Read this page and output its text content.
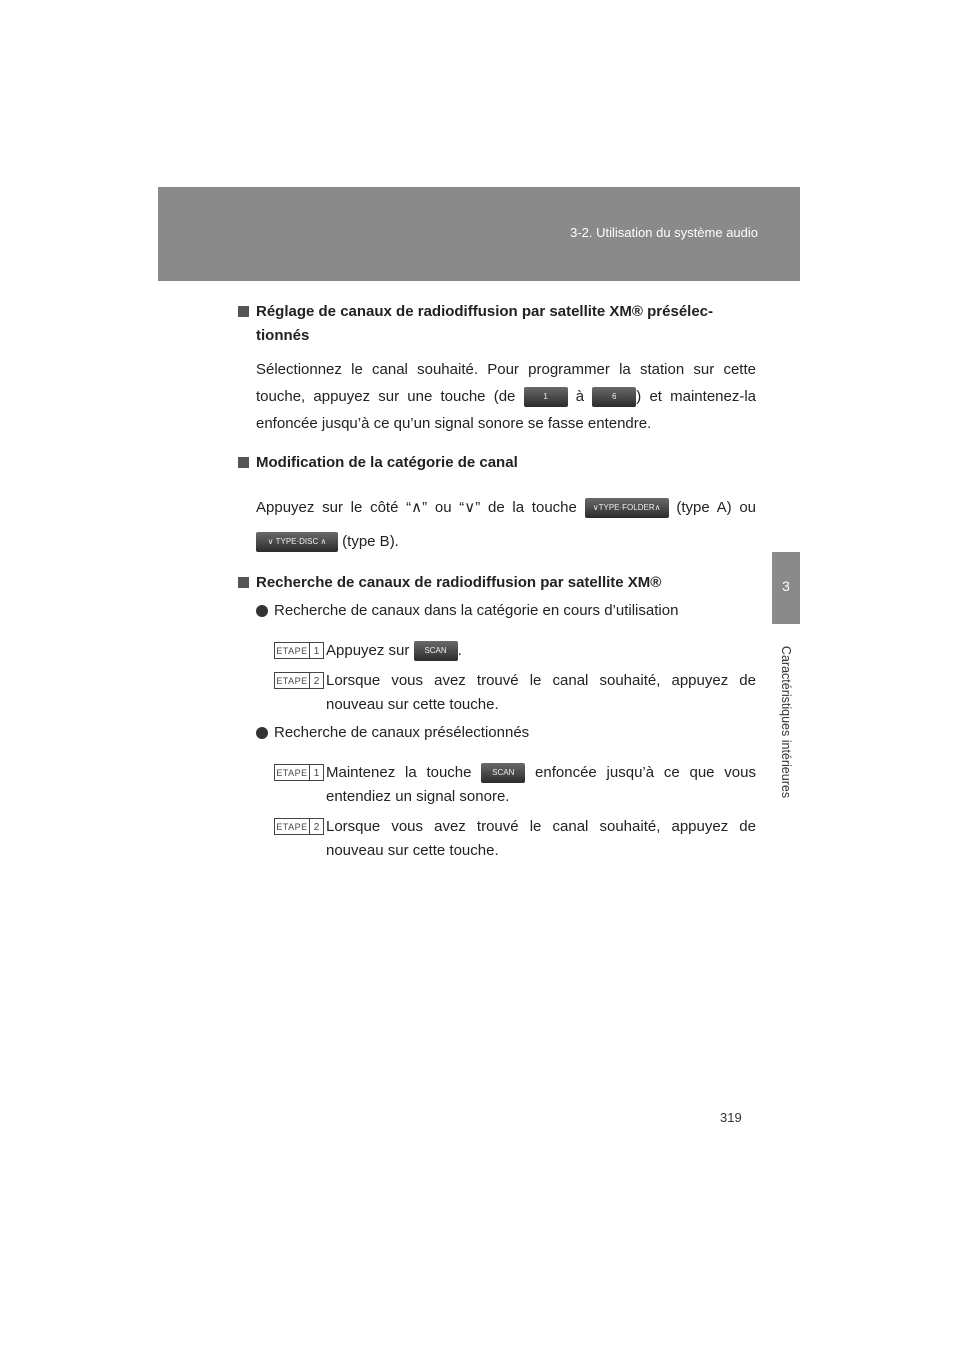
3-2. Utilisation du système audio
3
Caractéristiques intérieures
Réglage de canaux de radiodiffusion par satellite XM® présélec-tionnés
Sélectionnez le canal souhaité. Pour programmer la station sur cette touche, appuyez sur une touche (de	1 à	6 ) et maintenez-la enfoncée jusqu’à ce qu’un signal sonore se fasse entendre.
Modification de la catégorie de canal
Appuyez sur le côté “∧” ou “∨” de la touche ∨TYPE·FOLDER∧ (type A) ou ∨ TYPE·DISC ∧ (type B).
Recherche de canaux de radiodiffusion par satellite XM®
Recherche de canaux dans la catégorie en cours d’utilisation
ETAPE 1 Appuyez sur SCAN .
ETAPE 2 Lorsque vous avez trouvé le canal souhaité, appuyez de nouveau sur cette touche.
Recherche de canaux présélectionnés
ETAPE 1 Maintenez la touche	SCAN enfoncée jusqu’à ce que vous entendiez un signal sonore.
ETAPE 2 Lorsque vous avez trouvé le canal souhaité, appuyez de nouveau sur cette touche.
319
